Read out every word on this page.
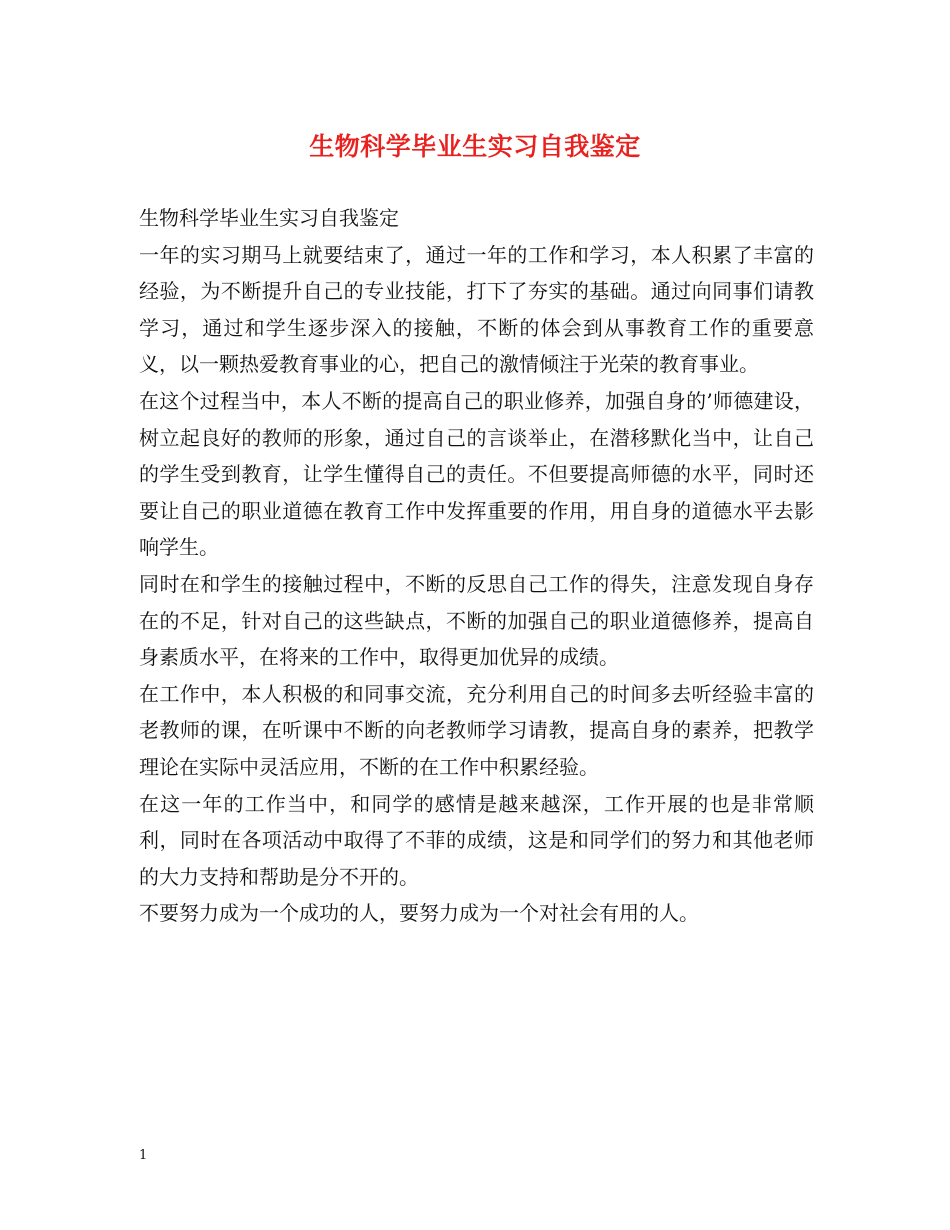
生物科学毕业生实习自我鉴定

生物科学毕业生实习自我鉴定

一年的实习期马上就要结束了，通过一年的工作和学习，本人积累了丰富的经验，为不断提升自己的专业技能，打下了夯实的基础。通过向同事们请教学习，通过和学生逐步深入的接触，不断的体会到从事教育工作的重要意义，以一颗热爱教育事业的心，把自己的激情倾注于光荣的教育事业。

在这个过程当中，本人不断的提高自己的职业修养，加强自身的’师德建设，树立起良好的教师的形象，通过自己的言谈举止，在潜移默化当中，让自己的学生受到教育，让学生懂得自己的责任。不但要提高师德的水平，同时还要让自己的职业道德在教育工作中发挥重要的作用，用自身的道德水平去影响学生。

同时在和学生的接触过程中，不断的反思自己工作的得失，注意发现自身存在的不足，针对自己的这些缺点，不断的加强自己的职业道德修养，提高自身素质水平，在将来的工作中，取得更加优异的成绩。

在工作中，本人积极的和同事交流，充分利用自己的时间多去听经验丰富的老教师的课，在听课中不断的向老教师学习请教，提高自身的素养，把教学理论在实际中灵活应用，不断的在工作中积累经验。

在这一年的工作当中，和同学的感情是越来越深，工作开展的也是非常顺利，同时在各项活动中取得了不菲的成绩，这是和同学们的努力和其他老师的大力支持和帮助是分不开的。

不要努力成为一个成功的人，要努力成为一个对社会有用的人。

1
